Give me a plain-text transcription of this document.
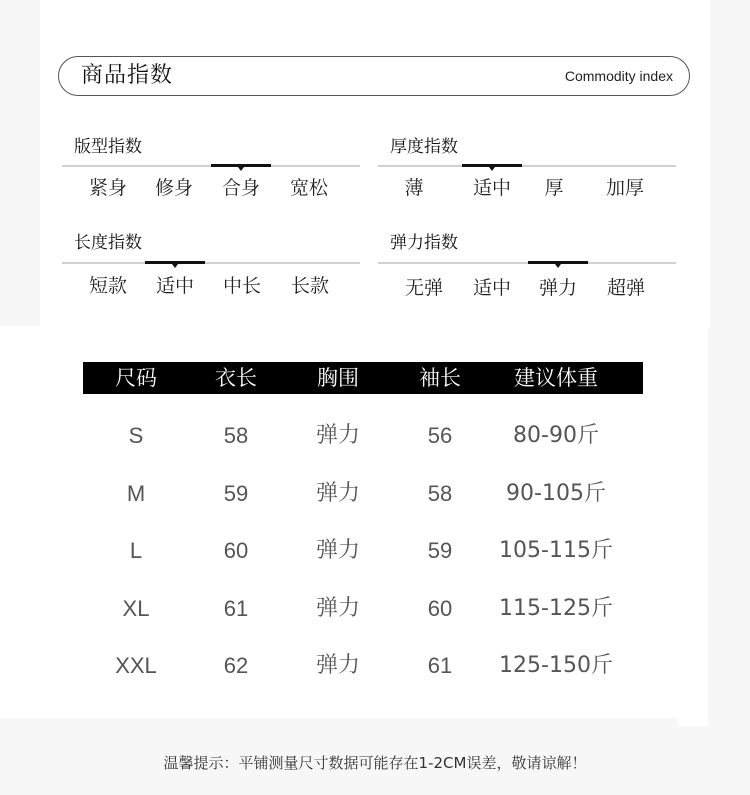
商品指数	Commodity index
版型指数
紧身 修身 合身 宽松
厚度指数
薄	适中 厚 加厚
长度指数
短款 适中 中长 长款
弹力指数
无弹 适中 弹力 超弹
尺码	衣长	胸围	袖长	建议体重
S	58	弹力	56	80-90斤
M	59	弹力	58 90-105斤
L	60	弹力	59 105-115斤
XL	61	弹力	60 115-125斤
XXL	62	弹力	61 125-150斤
温馨提示：平铺测量尺寸数据可能存在1-2CM误差，敬请谅解！
